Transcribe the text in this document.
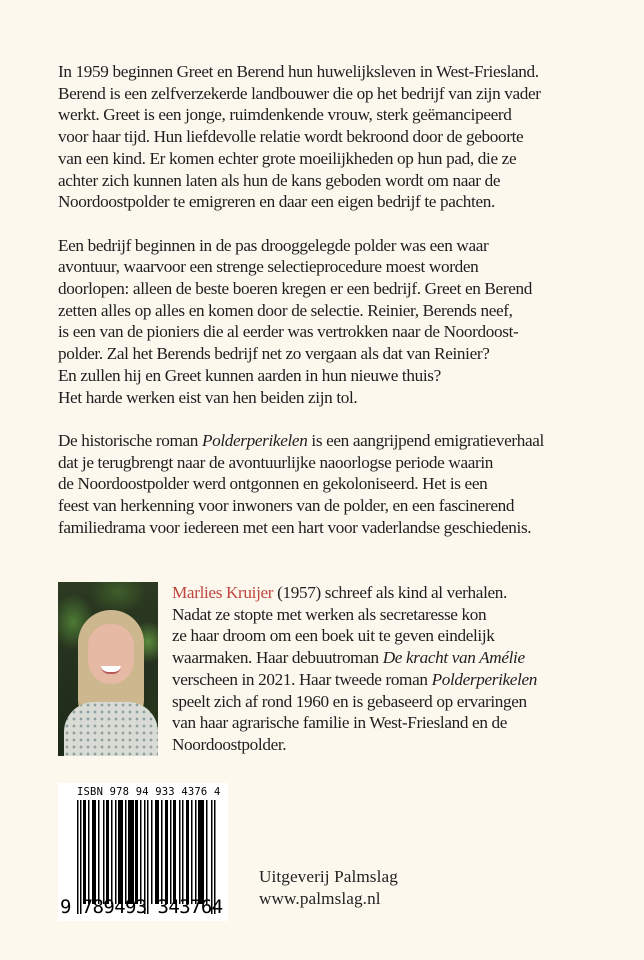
In 1959 beginnen Greet en Berend hun huwelijksleven in West-Friesland.
Berend is een zelfverzekerde landbouwer die op het bedrijf van zijn vader
werkt. Greet is een jonge, ruimdenkende vrouw, sterk geëmancipeerd
voor haar tijd. Hun liefdevolle relatie wordt bekroond door de geboorte
van een kind. Er komen echter grote moeilijkheden op hun pad, die ze
achter zich kunnen laten als hun de kans geboden wordt om naar de
Noordoostpolder te emigreren en daar een eigen bedrijf te pachten.

Een bedrijf beginnen in de pas drooggelegde polder was een waar
avontuur, waarvoor een strenge selectieprocedure moest worden
doorlopen: alleen de beste boeren kregen er een bedrijf. Greet en Berend
zetten alles op alles en komen door de selectie. Reinier, Berends neef,
is een van de pioniers die al eerder was vertrokken naar de Noordoost-
polder. Zal het Berends bedrijf net zo vergaan als dat van Reinier?
En zullen hij en Greet kunnen aarden in hun nieuwe thuis?
Het harde werken eist van hen beiden zijn tol.

De historische roman Polderperikelen is een aangrijpend emigratieverhaal
dat je terugbrengt naar de avontuurlijke naoorlogse periode waarin
de Noordoostpolder werd ontgonnen en gekoloniseerd. Het is een
feest van herkenning voor inwoners van de polder, en een fascinerend
familiedrama voor iedereen met een hart voor vaderlandse geschiedenis.

Marlies Kruijer (1957) schreef als kind al verhalen.
Nadat ze stopte met werken als secretaresse kon
ze haar droom om een boek uit te geven eindelijk
waarmaken. Haar debuutroman De kracht van Amélie
verscheen in 2021. Haar tweede roman Polderperikelen
speelt zich af rond 1960 en is gebaseerd op ervaringen
van haar agrarische familie in West-Friesland en de
Noordoostpolder.
ISBN 978 94 933 4376 4
9 789493 343764
Uitgeverij Palmslag
www.palmslag.nl
